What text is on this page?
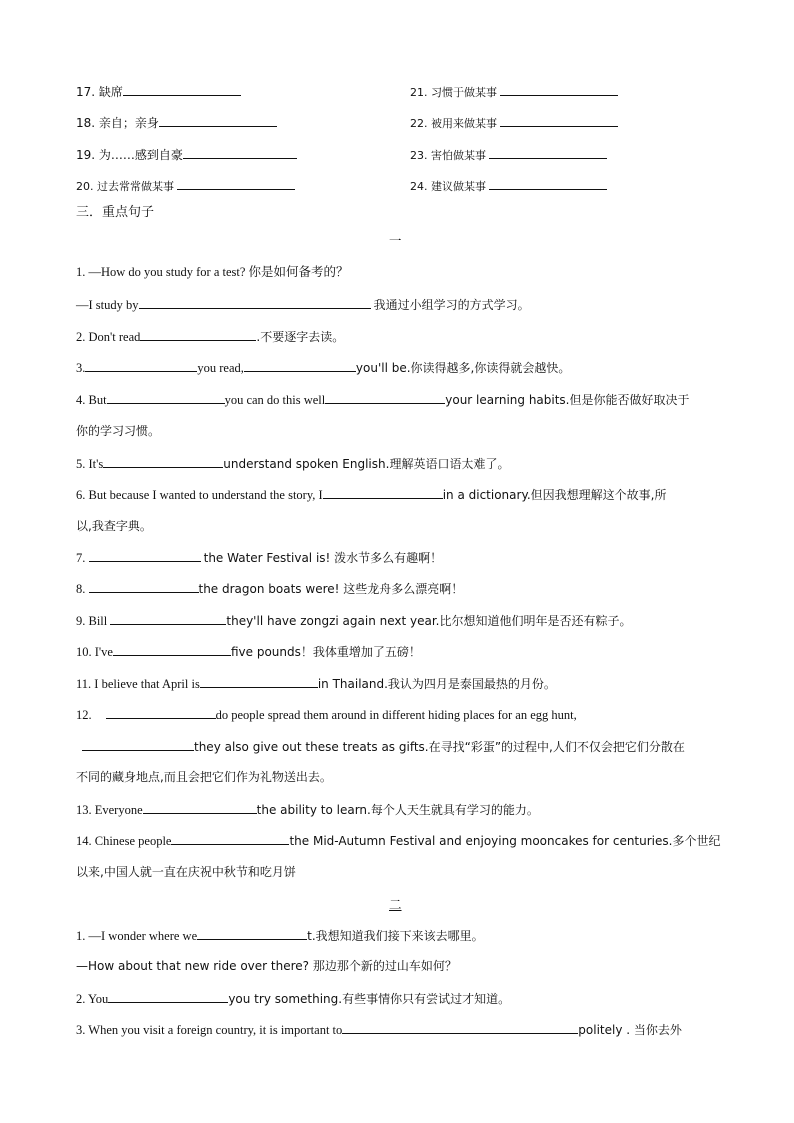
17. 缺席	21. 习惯于做某事
18. 亲自；亲身	22. 被用来做某事
19. 为……感到自豪	23. 害怕做某事
20. 过去常常做某事	24. 建议做某事
三．重点句子
一
1. —How do you study for a test? 你是如何备考的？
—I study by	我通过小组学习的方式学习。
2. Don't read	.不要逐字去读。
3.	you read,	you'll be.你读得越多,你读得就会越快。
4. But	you can do this well	your learning habits.但是你能否做好取决于
你的学习习惯。
5. It's	understand spoken English.理解英语口语太难了。
6. But because I wanted to understand the story, I	in a dictionary.但因我想理解这个故事,所
以,我查字典。
7.	the Water Festival is! 泼水节多么有趣啊！
8.	the dragon boats were! 这些龙舟多么漂亮啊！
9. Bill	they'll have zongzi again next year.比尔想知道他们明年是否还有粽子。
10. I've	five pounds！我体重增加了五磅！
11. I believe that April is	in Thailand.我认为四月是泰国最热的月份。
12.	do people spread them around in different hiding places for an egg hunt,
they also give out these treats as gifts.在寻找“彩蛋”的过程中,人们不仅会把它们分散在
不同的藏身地点,而且会把它们作为礼物送出去。
13. Everyone	the ability to learn.每个人天生就具有学习的能力。
14. Chinese people	the Mid-Autumn Festival and enjoying mooncakes for centuries.多个世纪
以来,中国人就一直在庆祝中秋节和吃月饼
二
1. —I wonder where we	t.我想知道我们接下来该去哪里。
—How about that new ride over there? 那边那个新的过山车如何？
2. You	you try something.有些事情你只有尝试过才知道。
3. When you visit a foreign country, it is important to	politely . 当你去外
